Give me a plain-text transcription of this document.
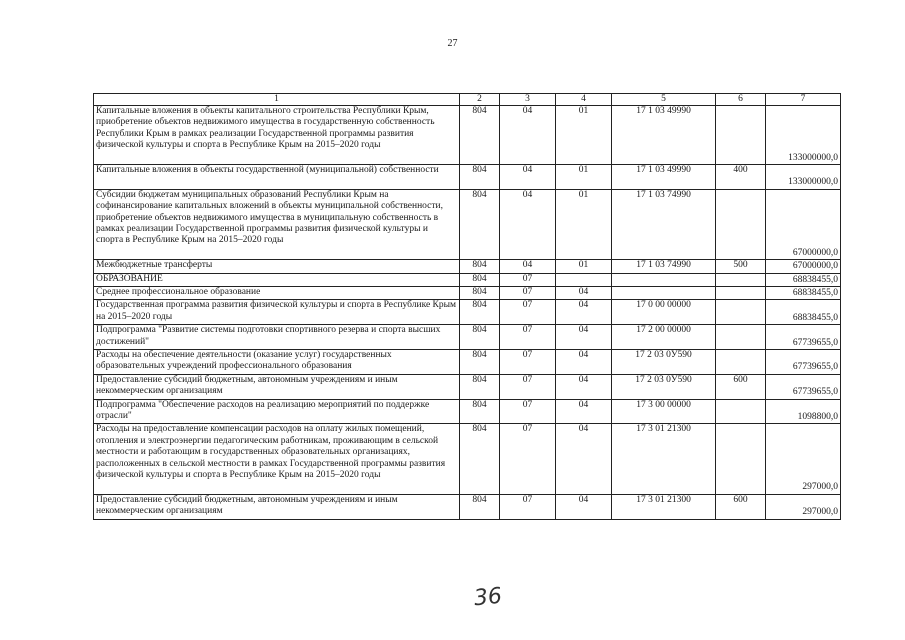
27
1	2	3	4	5	6	7
Капитальные вложения в объекты капитального строительства Республики Крым, приобретение объектов недвижимого имущества в государственную собственность Республики Крым в рамках реализации Государственной программы развития физической культуры и спорта в Республике Крым на 2015–2020 годы	804	04	01	17 1 03 49990		133000000,0
Капитальные вложения в объекты государственной (муниципальной) собственности	804	04	01	17 1 03 49990	400	133000000,0
Субсидии бюджетам муниципальных образований Республики Крым на софинансирование капитальных вложений в объекты муниципальной собственности, приобретение объектов недвижимого имущества в муниципальную собственность в рамках реализации Государственной программы развития физической культуры и спорта в Республике Крым на 2015–2020 годы	804	04	01	17 1 03 74990		67000000,0
Межбюджетные трансферты	804	04	01	17 1 03 74990	500	67000000,0
ОБРАЗОВАНИЕ	804	07				68838455,0
Среднее профессиональное образование	804	07	04			68838455,0
Государственная программа развития физической культуры и спорта в Республике Крым на 2015–2020 годы	804	07	04	17 0 00 00000		68838455,0
Подпрограмма "Развитие системы подготовки спортивного резерва и спорта высших достижений"	804	07	04	17 2 00 00000		67739655,0
Расходы на обеспечение деятельности (оказание услуг) государственных образовательных учреждений профессионального образования	804	07	04	17 2 03 0У590		67739655,0
Предоставление субсидий бюджетным, автономным учреждениям и иным некоммерческим организациям	804	07	04	17 2 03 0У590	600	67739655,0
Подпрограмма "Обеспечение расходов на реализацию мероприятий по поддержке отрасли"	804	07	04	17 3 00 00000		1098800,0
Расходы на предоставление компенсации расходов на оплату жилых помещений, отопления и электроэнергии педагогическим работникам, проживающим в сельской местности и работающим в государственных образовательных организациях, расположенных в сельской местности в рамках Государственной программы развития физической культуры и спорта в Республике Крым на 2015–2020 годы	804	07	04	17 3 01 21300		297000,0
Предоставление субсидий бюджетным, автономным учреждениям и иным некоммерческим организациям	804	07	04	17 3 01 21300	600	297000,0
36
